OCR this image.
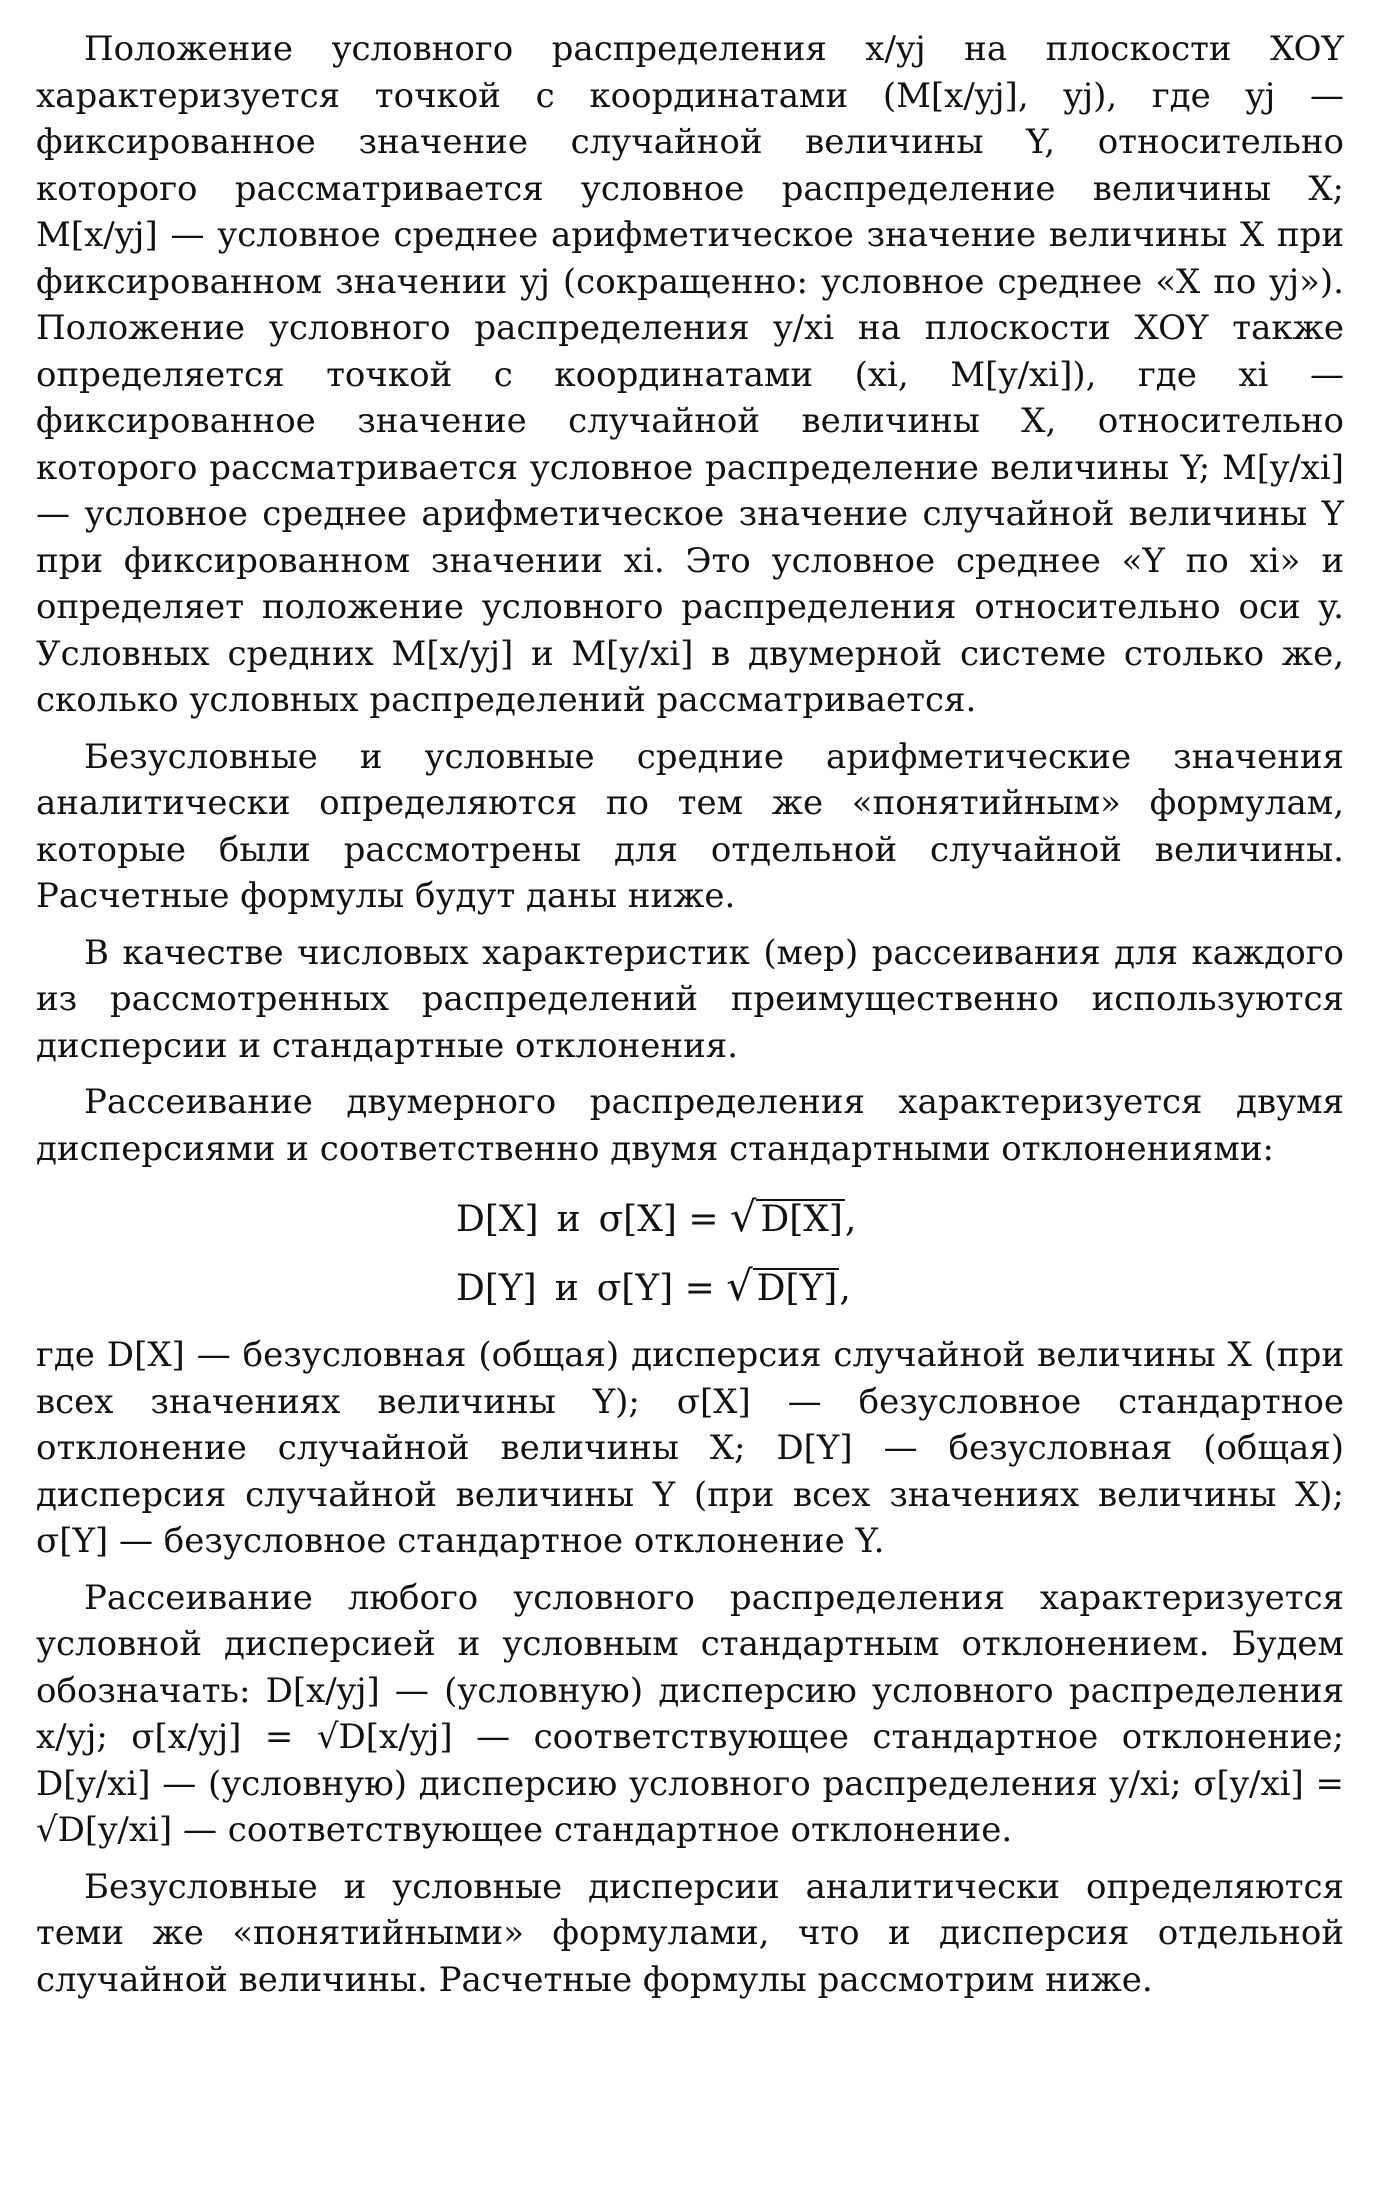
Положение условного распределения x/yj на плоскости XOY характеризуется точкой с координатами (M[x/yj], yj), где yj — фиксированное значение случайной величины Y, относительно которого рассматривается условное распределение величины X; M[x/yj] — условное среднее арифметическое значение величины X при фиксированном значении yj (сокращенно: условное среднее «X по yj»). Положение условного распределения y/xi на плоскости XOY также определяется точкой с координатами (xi, M[y/xi]), где xi — фиксированное значение случайной величины X, относительно которого рассматривается условное распределение величины Y; M[y/xi] — условное среднее арифметическое значение случайной величины Y при фиксированном значении xi. Это условное среднее «Y по xi» и определяет положение условного распределения относительно оси y. Условных средних M[x/yj] и M[y/xi] в двумерной системе столько же, сколько условных распределений рассматривается.

Безусловные и условные средние арифметические значения аналитически определяются по тем же «понятийным» формулам, которые были рассмотрены для отдельной случайной величины. Расчетные формулы будут даны ниже.

В качестве числовых характеристик (мер) рассеивания для каждого из рассмотренных распределений преимущественно используются дисперсии и стандартные отклонения.

Рассеивание двумерного распределения характеризуется двумя дисперсиями и соответственно двумя стандартными отклонениями:

D[X] и σ[X] = √ D[X],
D[Y] и σ[Y] = √ D[Y],

где D[X] — безусловная (общая) дисперсия случайной величины X (при всех значениях величины Y); σ[X] — безусловное стандартное отклонение случайной величины X; D[Y] — безусловная (общая) дисперсия случайной величины Y (при всех значениях величины X); σ[Y] — безусловное стандартное отклонение Y.

Рассеивание любого условного распределения характеризуется условной дисперсией и условным стандартным отклонением. Будем обозначать: D[x/yj] — (условную) дисперсию условного распределения x/yj; σ[x/yj] = √D[x/yj] — соответствующее стандартное отклонение; D[y/xi] — (условную) дисперсию условного распределения y/xi; σ[y/xi] = √D[y/xi] — соответствующее стандартное отклонение.

Безусловные и условные дисперсии аналитически определяются теми же «понятийными» формулами, что и дисперсия отдельной случайной величины. Расчетные формулы рассмотрим ниже.
